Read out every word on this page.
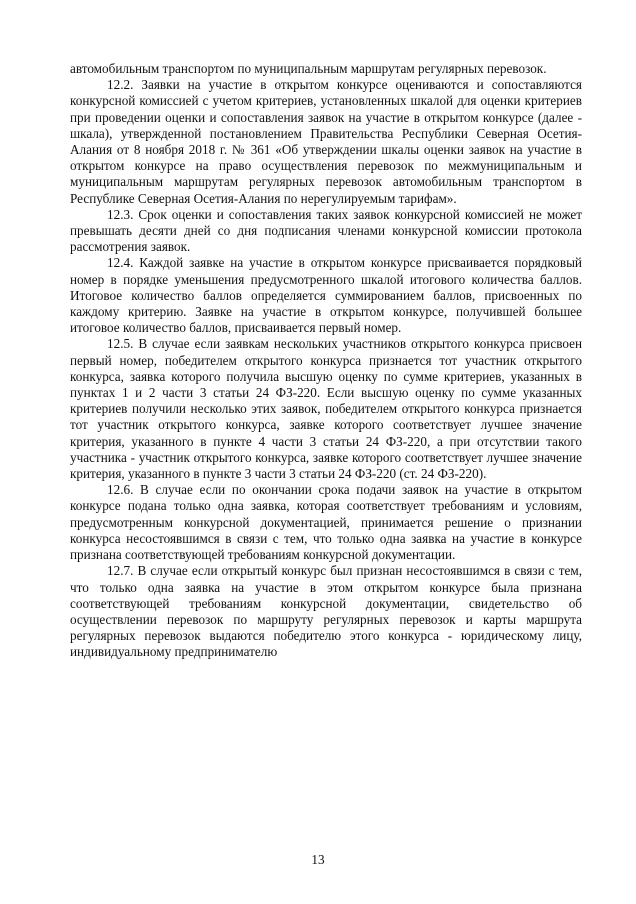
автомобильным транспортом по муниципальным маршрутам регулярных перевозок.

12.2. Заявки на участие в открытом конкурсе оцениваются и сопоставляются конкурсной комиссией с учетом критериев, установленных шкалой для оценки критериев при проведении оценки и сопоставления заявок на участие в открытом конкурсе (далее - шкала), утвержденной постановлением Правительства Республики Северная Осетия-Алания от 8 ноября 2018 г. № 361 «Об утверждении шкалы оценки заявок на участие в открытом конкурсе на право осуществления перевозок по межмуниципальным и муниципальным маршрутам регулярных перевозок автомобильным транспортом в Республике Северная Осетия-Алания по нерегулируемым тарифам».

12.3. Срок оценки и сопоставления таких заявок конкурсной комиссией не может превышать десяти дней со дня подписания членами конкурсной комиссии протокола рассмотрения заявок.

12.4. Каждой заявке на участие в открытом конкурсе присваивается порядковый номер в порядке уменьшения предусмотренного шкалой итогового количества баллов. Итоговое количество баллов определяется суммированием баллов, присвоенных по каждому критерию. Заявке на участие в открытом конкурсе, получившей большее итоговое количество баллов, присваивается первый номер.

12.5. В случае если заявкам нескольких участников открытого конкурса присвоен первый номер, победителем открытого конкурса признается тот участник открытого конкурса, заявка которого получила высшую оценку по сумме критериев, указанных в пунктах 1 и 2 части 3 статьи 24 ФЗ-220. Если высшую оценку по сумме указанных критериев получили несколько этих заявок, победителем открытого конкурса признается тот участник открытого конкурса, заявке которого соответствует лучшее значение критерия, указанного в пункте 4 части 3 статьи 24 ФЗ-220, а при отсутствии такого участника - участник открытого конкурса, заявке которого соответствует лучшее значение критерия, указанного в пункте 3 части 3 статьи 24 ФЗ-220 (ст. 24 ФЗ-220).

12.6. В случае если по окончании срока подачи заявок на участие в открытом конкурсе подана только одна заявка, которая соответствует требованиям и условиям, предусмотренным конкурсной документацией, принимается решение о признании конкурса несостоявшимся в связи с тем, что только одна заявка на участие в конкурсе признана соответствующей требованиям конкурсной документации.

12.7. В случае если открытый конкурс был признан несостоявшимся в связи с тем, что только одна заявка на участие в этом открытом конкурсе была признана соответствующей требованиям конкурсной документации, свидетельство об осуществлении перевозок по маршруту регулярных перевозок и карты маршрута регулярных перевозок выдаются победителю этого конкурса - юридическому лицу, индивидуальному предпринимателю

13
